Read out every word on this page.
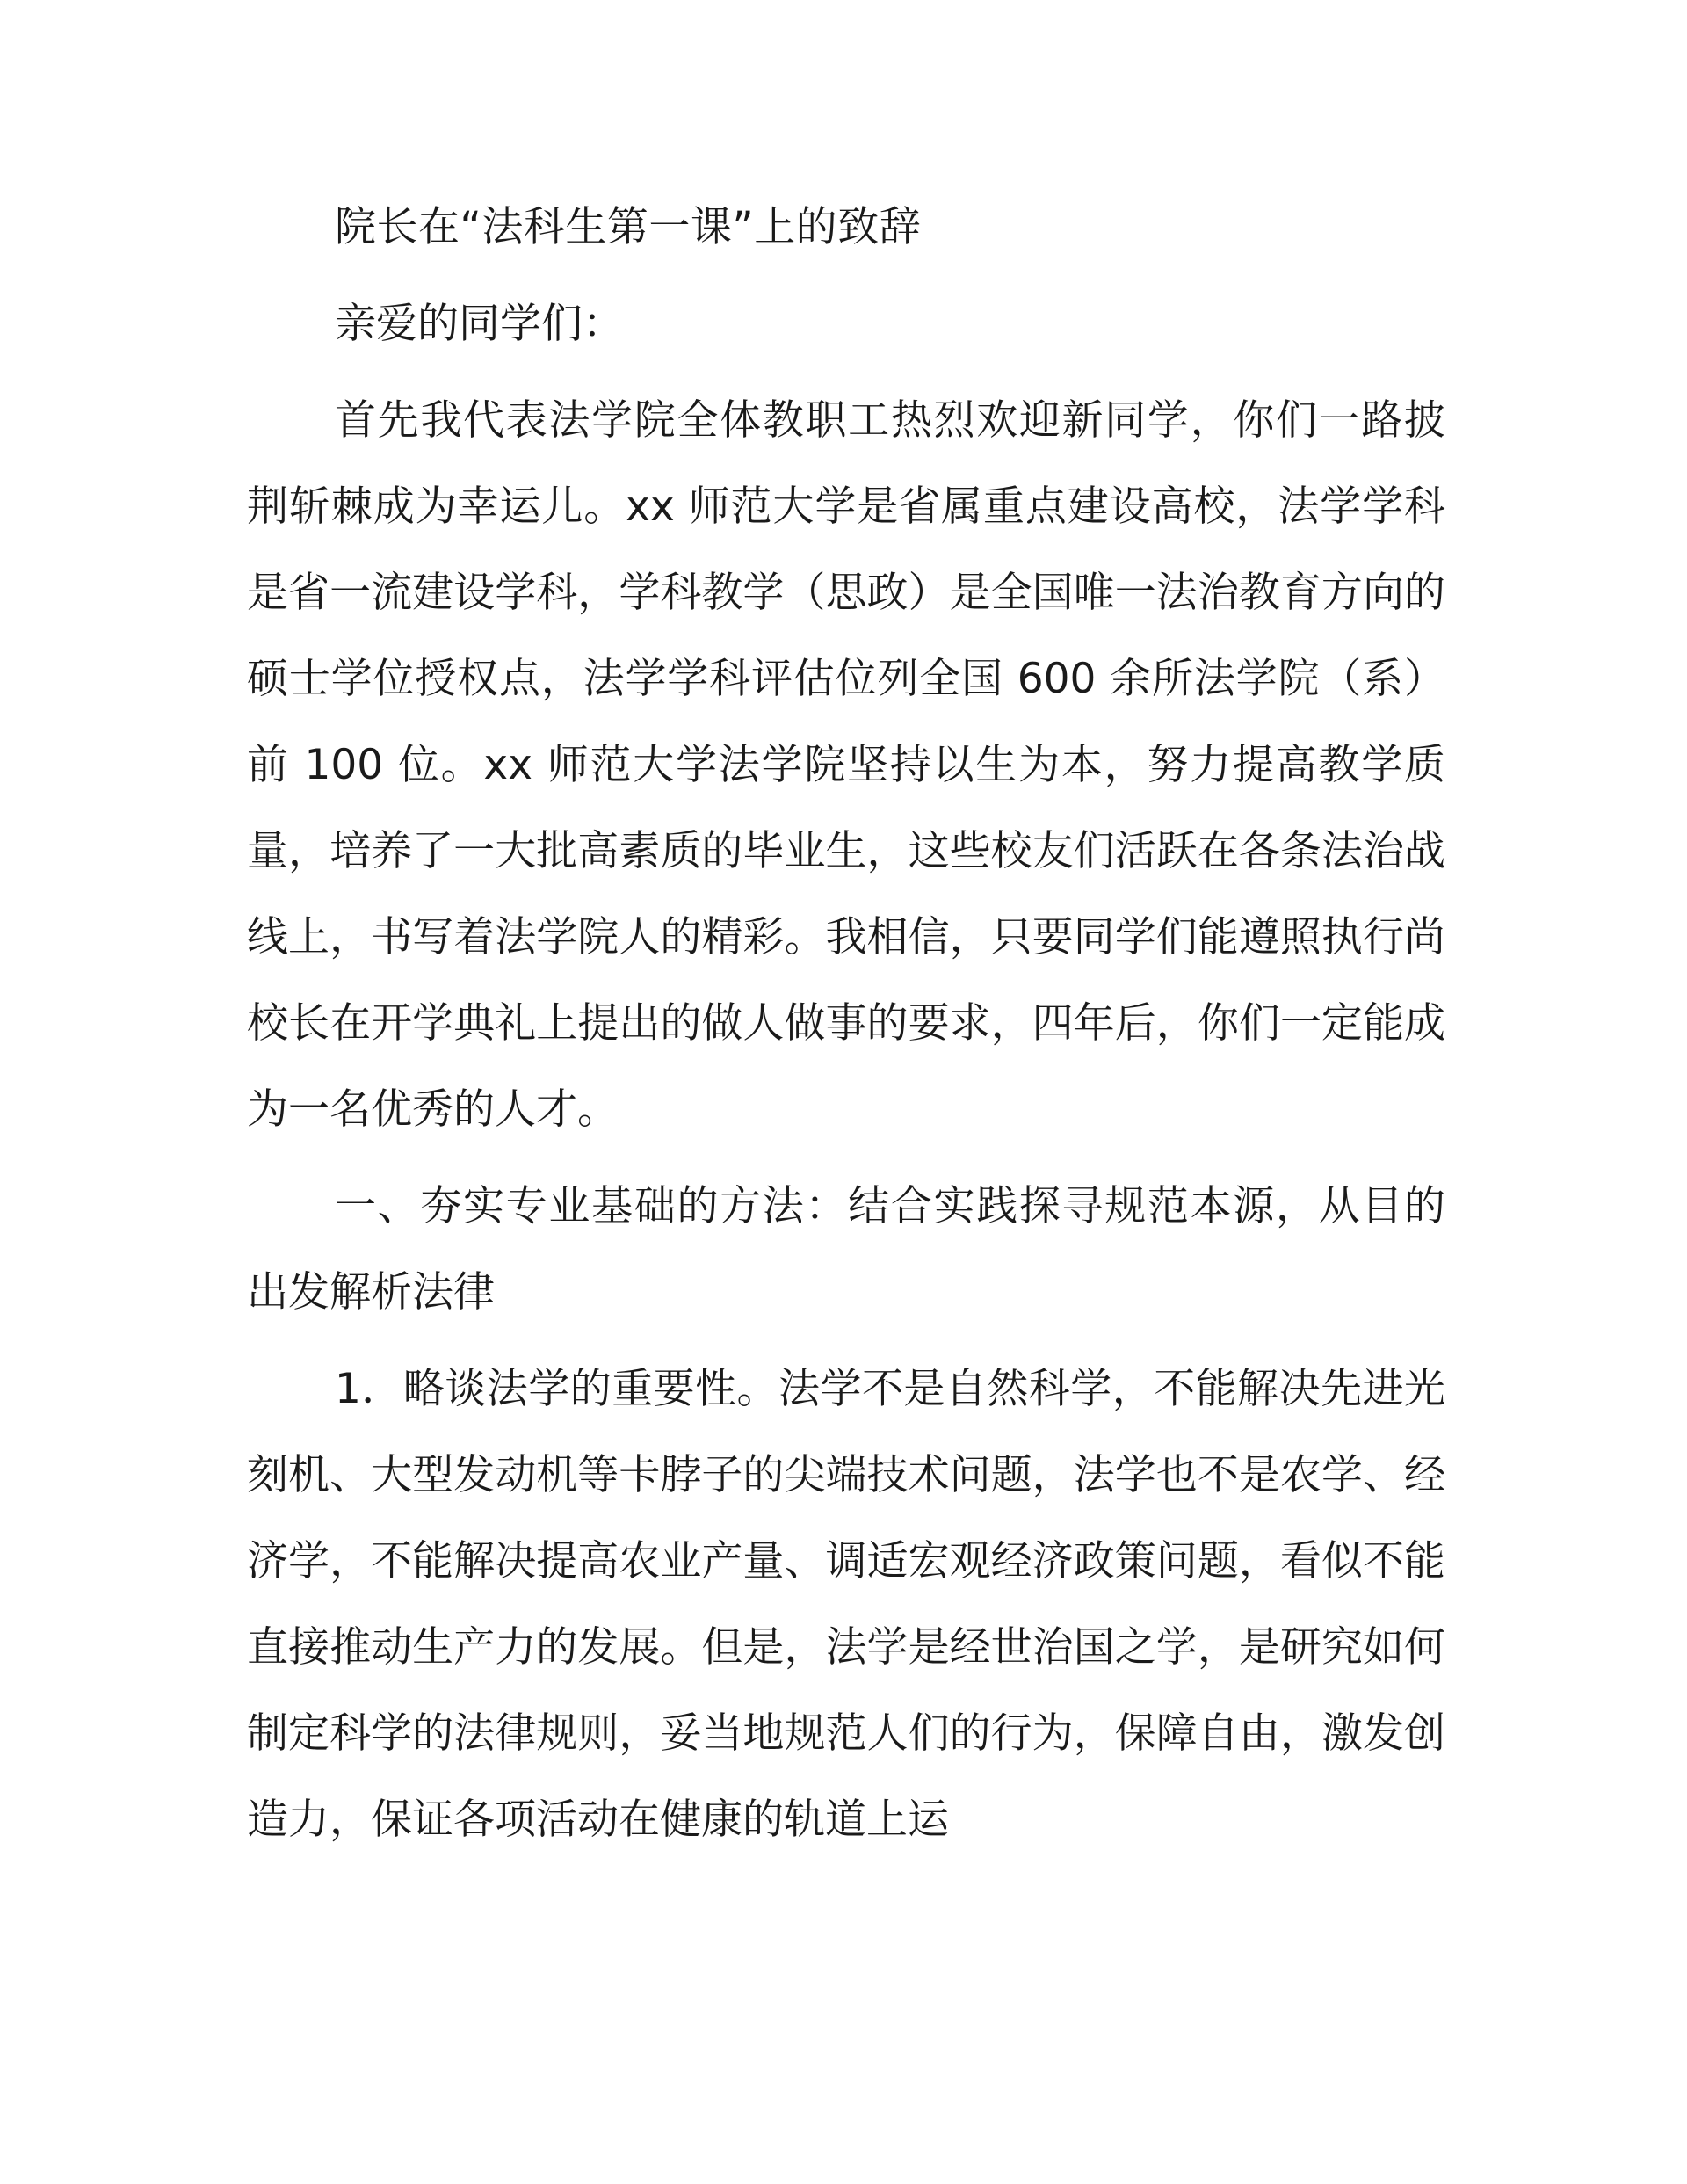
院长在“法科生第一课”上的致辞

亲爱的同学们：

首先我代表法学院全体教职工热烈欢迎新同学，你们一路披荆斩棘成为幸运儿。xx 师范大学是省属重点建设高校，法学学科是省一流建设学科，学科教学（思政）是全国唯一法治教育方向的硕士学位授权点，法学学科评估位列全国 600 余所法学院（系）前 100 位。xx 师范大学法学院坚持以生为本，努力提高教学质量，培养了一大批高素质的毕业生，这些校友们活跃在各条法治战线上，书写着法学院人的精彩。我相信，只要同学们能遵照执行尚校长在开学典礼上提出的做人做事的要求，四年后，你们一定能成为一名优秀的人才。

一、夯实专业基础的方法：结合实践探寻规范本源，从目的出发解析法律

1．略谈法学的重要性。法学不是自然科学，不能解决先进光刻机、大型发动机等卡脖子的尖端技术问题，法学也不是农学、经济学，不能解决提高农业产量、调适宏观经济政策问题，看似不能直接推动生产力的发展。但是，法学是经世治国之学，是研究如何制定科学的法律规则，妥当地规范人们的行为，保障自由，激发创造力，保证各项活动在健康的轨道上运
